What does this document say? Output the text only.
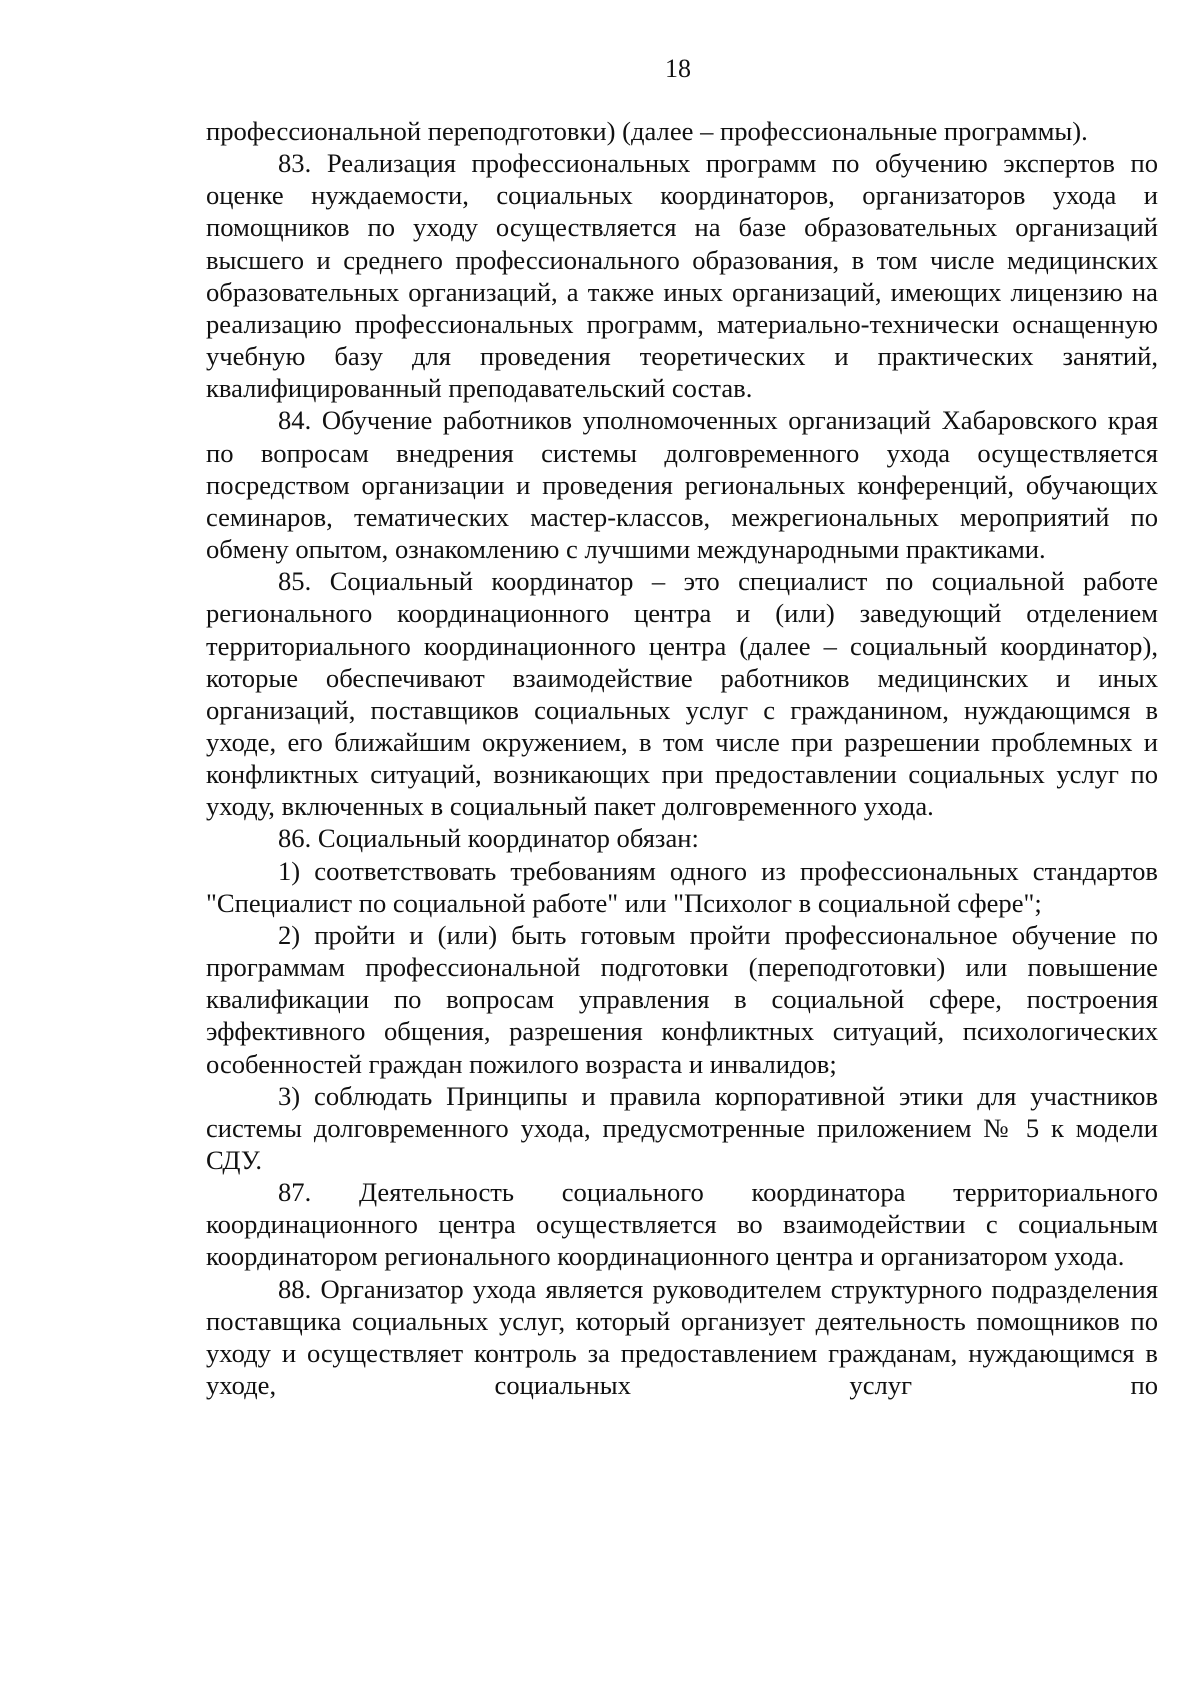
18

профессиональной переподготовки) (далее – профессиональные программы).

83. Реализация профессиональных программ по обучению экспертов по оценке нуждаемости, социальных координаторов, организаторов ухода и помощников по уходу осуществляется на базе образовательных организаций высшего и среднего профессионального образования, в том числе медицинских образовательных организаций, а также иных организаций, имеющих лицензию на реализацию профессиональных программ, материально-технически оснащенную учебную базу для проведения теоретических и практических занятий, квалифицированный преподавательский состав.

84. Обучение работников уполномоченных организаций Хабаровского края по вопросам внедрения системы долговременного ухода осуществляется посредством организации и проведения региональных конференций, обучающих семинаров, тематических мастер-классов, межрегиональных мероприятий по обмену опытом, ознакомлению с лучшими международными практиками.

85. Социальный координатор – это специалист по социальной работе регионального координационного центра и (или) заведующий отделением территориального координационного центра (далее – социальный координатор), которые обеспечивают взаимодействие работников медицинских и иных организаций, поставщиков социальных услуг с гражданином, нуждающимся в уходе, его ближайшим окружением, в том числе при разрешении проблемных и конфликтных ситуаций, возникающих при предоставлении социальных услуг по уходу, включенных в социальный пакет долговременного ухода.

86. Социальный координатор обязан:

1) соответствовать требованиям одного из профессиональных стандартов "Специалист по социальной работе" или "Психолог в социальной сфере";

2) пройти и (или) быть готовым пройти профессиональное обучение по программам профессиональной подготовки (переподготовки) или повышение квалификации по вопросам управления в социальной сфере, построения эффективного общения, разрешения конфликтных ситуаций, психологических особенностей граждан пожилого возраста и инвалидов;

3) соблюдать Принципы и правила корпоративной этики для участников системы долговременного ухода, предусмотренные приложением № 5 к модели СДУ.

87. Деятельность социального координатора территориального координационного центра осуществляется во взаимодействии с социальным координатором регионального координационного центра и организатором ухода.

88. Организатор ухода является руководителем структурного подразделения поставщика социальных услуг, который организует деятельность помощников по уходу и осуществляет контроль за предоставлением гражданам, нуждающимся в уходе, социальных услуг по
